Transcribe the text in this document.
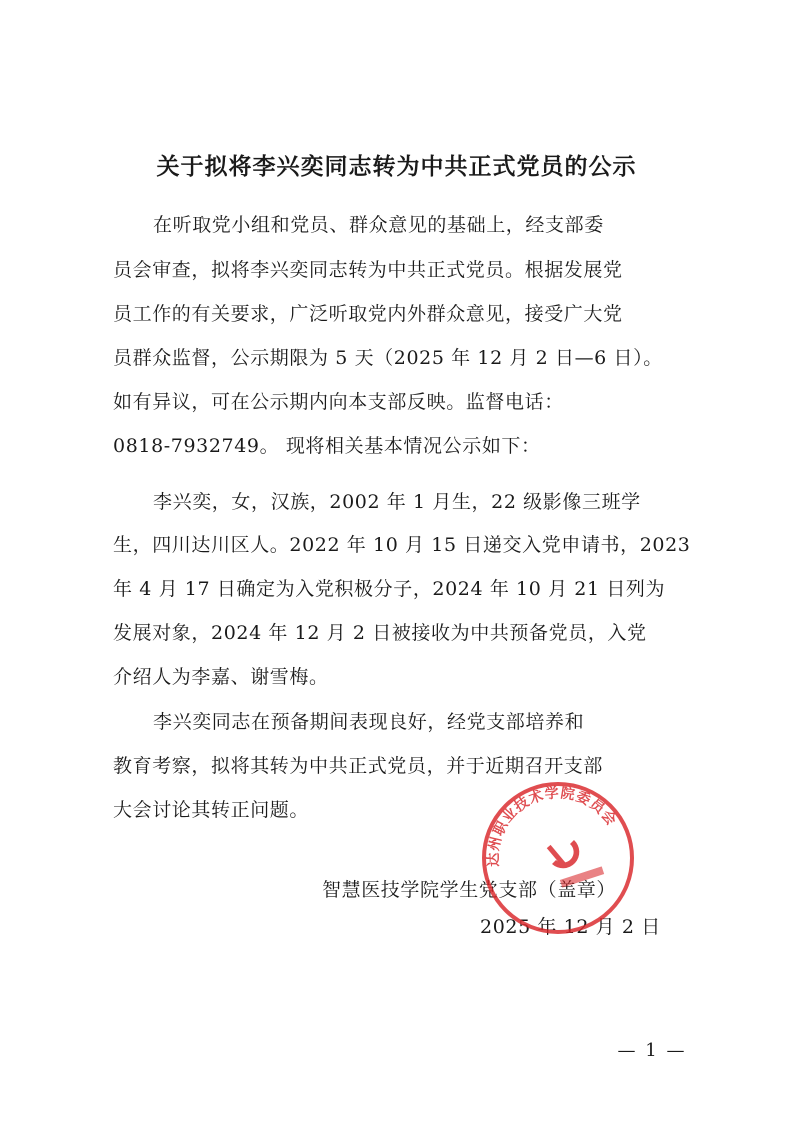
关于拟将李兴奕同志转为中共正式党员的公示
在听取党小组和党员、群众意见的基础上，经支部委
员会审查，拟将李兴奕同志转为中共正式党员。根据发展党
员工作的有关要求，广泛听取党内外群众意见，接受广大党
员群众监督，公示期限为 5 天（2025 年 12 月 2 日—6 日）。
如有异议，可在公示期内向本支部反映。监督电话：
0818-7932749。 现将相关基本情况公示如下：
李兴奕，女，汉族，2002 年 1 月生，22 级影像三班学
生，四川达川区人。2022 年 10 月 15 日递交入党申请书，2023
年 4 月 17 日确定为入党积极分子，2024 年 10 月 21 日列为
发展对象，2024 年 12 月 2 日被接收为中共预备党员，入党
介绍人为李嘉、谢雪梅。
李兴奕同志在预备期间表现良好，经党支部培养和
教育考察，拟将其转为中共正式党员，并于近期召开支部
大会讨论其转正问题。
智慧医技学院学生党支部（盖章）
2025 年 12 月 2 日
达州职业技术学院委员会
— 1 —
